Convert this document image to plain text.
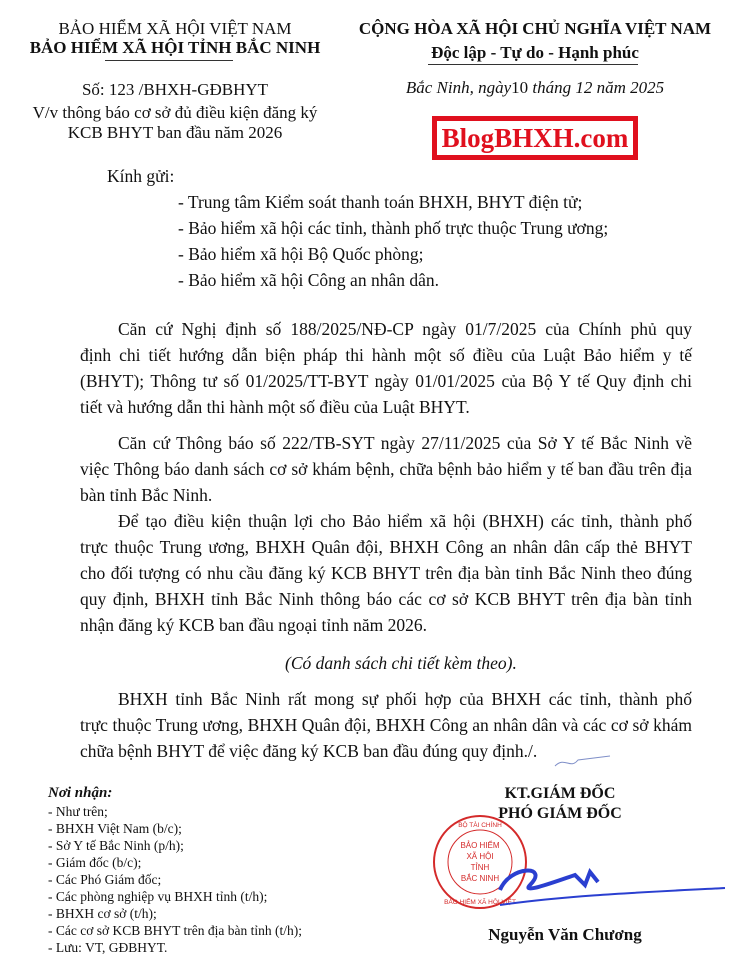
BẢO HIỂM XÃ HỘI VIỆT NAM
BẢO HIỂM XÃ HỘI TỈNH BẮC NINH
Số: 123 /BHXH-GĐBHYT
V/v thông báo cơ sở đủ điều kiện đăng ký
KCB BHYT ban đầu năm 2026
CỘNG HÒA XÃ HỘI CHỦ NGHĨA VIỆT NAM
Độc lập - Tự do - Hạnh phúc
Bắc Ninh, ngày10 tháng 12 năm 2025
BlogBHXH.com
Kính gửi:
- Trung tâm Kiểm soát thanh toán BHXH, BHYT điện tử;
- Bảo hiểm xã hội các tỉnh, thành phố trực thuộc Trung ương;
- Bảo hiểm xã hội Bộ Quốc phòng;
- Bảo hiểm xã hội Công an nhân dân.
Căn cứ Nghị định số 188/2025/NĐ-CP ngày 01/7/2025 của Chính phủ quy
định chi tiết hướng dẫn biện pháp thi hành một số điều của Luật Bảo hiểm y tế
(BHYT); Thông tư số 01/2025/TT-BYT ngày 01/01/2025 của Bộ Y tế Quy định chi
tiết và hướng dẫn thi hành một số điều của Luật BHYT.
Căn cứ Thông báo số 222/TB-SYT ngày 27/11/2025 của Sở Y tế Bắc Ninh về
việc Thông báo danh sách cơ sở khám bệnh, chữa bệnh bảo hiểm y tế ban đầu trên địa
bàn tỉnh Bắc Ninh.
Để tạo điều kiện thuận lợi cho Bảo hiểm xã hội (BHXH) các tỉnh, thành phố
trực thuộc Trung ương, BHXH Quân đội, BHXH Công an nhân dân cấp thẻ BHYT
cho đối tượng có nhu cầu đăng ký KCB BHYT trên địa bàn tỉnh Bắc Ninh theo đúng
quy định, BHXH tỉnh Bắc Ninh thông báo các cơ sở KCB BHYT trên địa bàn tỉnh
nhận đăng ký KCB ban đầu ngoại tỉnh năm 2026.
(Có danh sách chi tiết kèm theo).
BHXH tỉnh Bắc Ninh rất mong sự phối hợp của BHXH các tỉnh, thành phố
trực thuộc Trung ương, BHXH Quân đội, BHXH Công an nhân dân và các cơ sở khám
chữa bệnh BHYT để việc đăng ký KCB ban đầu đúng quy định./.
Nơi nhận:
- Như trên;
- BHXH Việt Nam (b/c);
- Sở Y tế Bắc Ninh (p/h);
- Giám đốc (b/c);
- Các Phó Giám đốc;
- Các phòng nghiệp vụ BHXH tỉnh (t/h);
- BHXH cơ sở (t/h);
- Các cơ sở KCB BHYT trên địa bàn tỉnh (t/h);
- Lưu: VT, GĐBHYT.
KT.GIÁM ĐỐC
PHÓ GIÁM ĐỐC
BẢO HIỂM
XÃ HỘI
TỈNH
BẮC NINH
BỘ TÀI CHÍNH
BẢO HIỂM XÃ HỘI VIỆT
Nguyễn Văn Chương
